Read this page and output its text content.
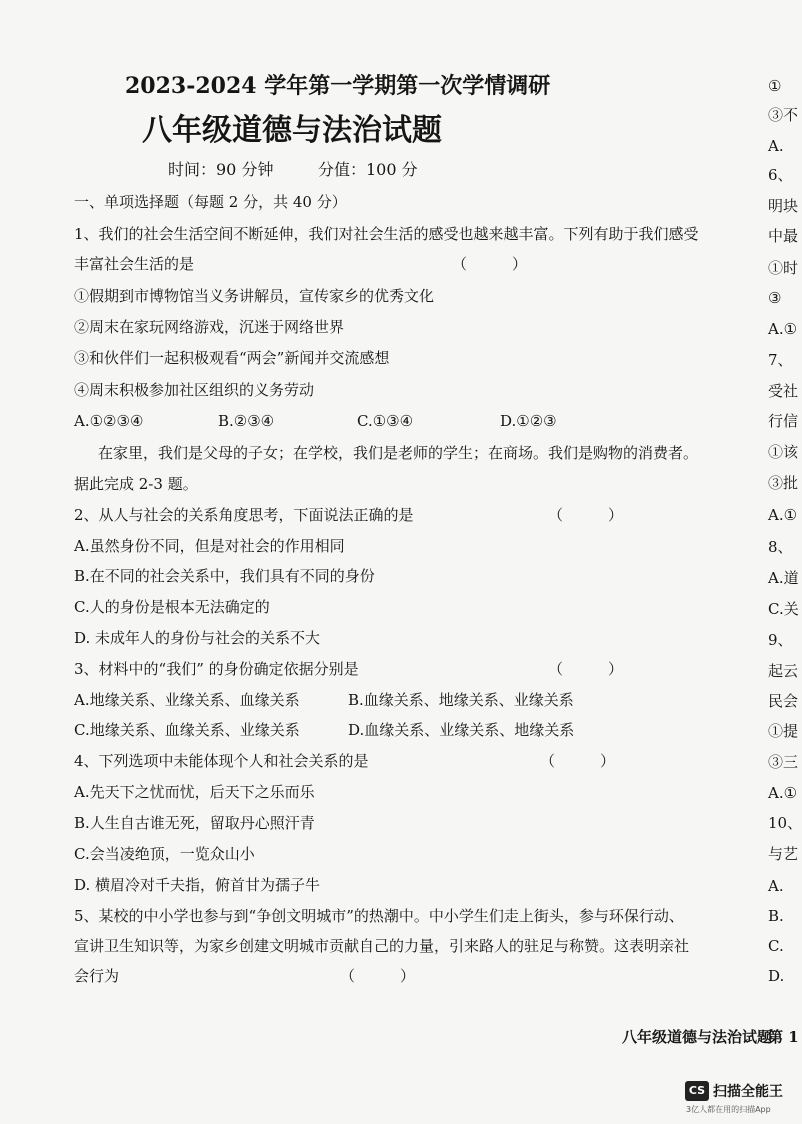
2023-2024 学年第一学期第一次学情调研
八年级道德与法治试题
时间：90 分钟	分值：100 分
一、单项选择题（每题 2 分，共 40 分）
1、我们的社会生活空间不断延伸，我们对社会生活的感受也越来越丰富。下列有助于我们感受
丰富社会生活的是	（　　　）
①假期到市博物馆当义务讲解员，宣传家乡的优秀文化
②周末在家玩网络游戏，沉迷于网络世界
③和伙伴们一起积极观看“两会”新闻并交流感想
④周末积极参加社区组织的义务劳动
A.①②③④	B.②③④	C.①③④	D.①②③
在家里，我们是父母的子女；在学校，我们是老师的学生；在商场。我们是购物的消费者。
据此完成 2-3 题。
2、从人与社会的关系角度思考，下面说法正确的是	（　　　）
A.虽然身份不同，但是对社会的作用相同
B.在不同的社会关系中，我们具有不同的身份
C.人的身份是根本无法确定的
D. 未成年人的身份与社会的关系不大
3、材料中的“我们” 的身份确定依据分别是	（　　　）
A.地缘关系、业缘关系、血缘关系	B.血缘关系、地缘关系、业缘关系
C.地缘关系、血缘关系、业缘关系	D.血缘关系、业缘关系、地缘关系
4、下列选项中未能体现个人和社会关系的是	（　　　）
A.先天下之忧而忧，后天下之乐而乐
B.人生自古谁无死，留取丹心照汗青
C.会当凌绝顶，一览众山小
D. 横眉冷对千夫指，俯首甘为孺子牛
5、某校的中小学也参与到“争创文明城市”的热潮中。中小学生们走上街头，参与环保行动、
宣讲卫生知识等，为家乡创建文明城市贡献自己的力量，引来路人的驻足与称赞。这表明亲社
会行为	（　　　）
①
③不
A.
6、
明块
中最
①时
③
A.①
7、
受社
行信
①该
③批
A.①
8、
A.道
C.关
9、
起云
民会
①提
③三
A.①
10、
与艺
A.
B.
C.
D.
八年级道德与法治试题
第 1
CS 扫描全能王
3亿人都在用的扫描App
